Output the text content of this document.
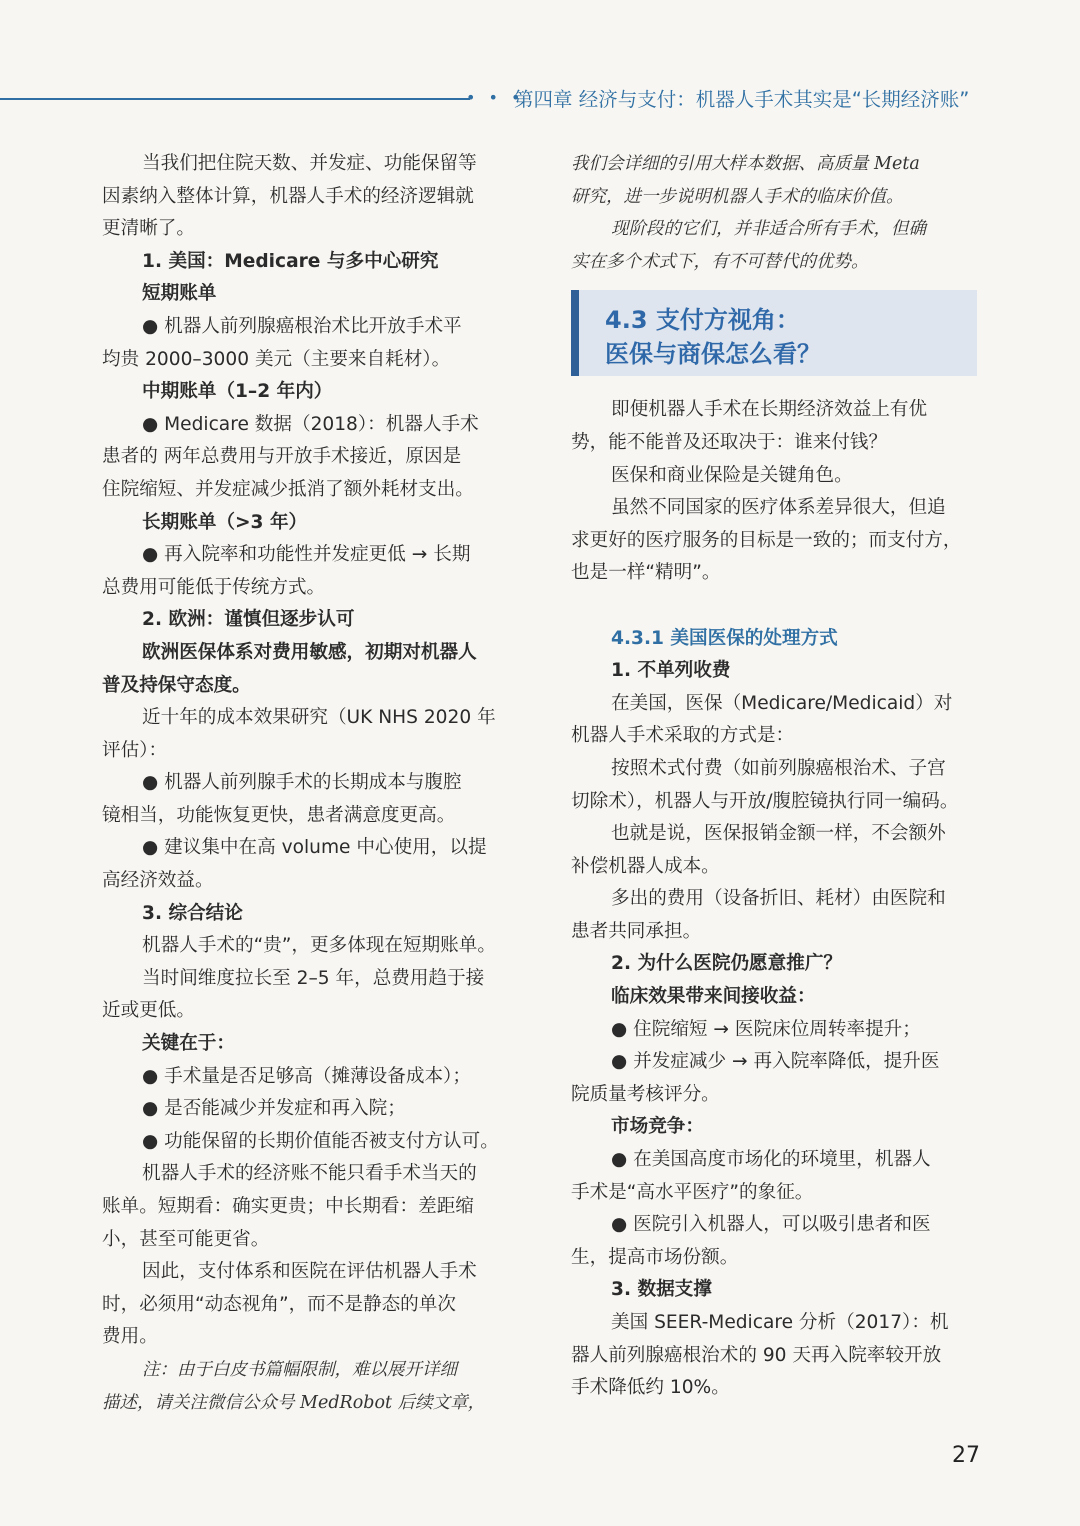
• • •
第四章 经济与支付：机器人手术其实是“长期经济账”
当我们把住院天数、并发症、功能保留等
因素纳入整体计算，机器人手术的经济逻辑就
更清晰了。
1. 美国：Medicare 与多中心研究
短期账单
● 机器人前列腺癌根治术比开放手术平
均贵 2000–3000 美元（主要来自耗材）。
中期账单（1–2 年内）
● Medicare 数据（2018）：机器人手术
患者的 两年总费用与开放手术接近，原因是
住院缩短、并发症减少抵消了额外耗材支出。
长期账单（>3 年）
● 再入院率和功能性并发症更低 → 长期
总费用可能低于传统方式。
2. 欧洲：谨慎但逐步认可
欧洲医保体系对费用敏感，初期对机器人
普及持保守态度。
近十年的成本效果研究（UK NHS 2020 年
评估）：
● 机器人前列腺手术的长期成本与腹腔
镜相当，功能恢复更快，患者满意度更高。
● 建议集中在高 volume 中心使用，以提
高经济效益。
3. 综合结论
机器人手术的“贵”，更多体现在短期账单。
当时间维度拉长至 2–5 年，总费用趋于接
近或更低。
关键在于：
● 手术量是否足够高（摊薄设备成本）；
● 是否能减少并发症和再入院；
● 功能保留的长期价值能否被支付方认可。
机器人手术的经济账不能只看手术当天的
账单。短期看：确实更贵；中长期看：差距缩
小，甚至可能更省。
因此，支付体系和医院在评估机器人手术
时，必须用“动态视角”，而不是静态的单次
费用。
注：由于白皮书篇幅限制，难以展开详细
描述，请关注微信公众号 MedRobot 后续文章，
我们会详细的引用大样本数据、高质量 Meta
研究，进一步说明机器人手术的临床价值。
现阶段的它们，并非适合所有手术，但确
实在多个术式下，有不可替代的优势。
4.3 支付方视角：
医保与商保怎么看？
即便机器人手术在长期经济效益上有优
势，能不能普及还取决于：谁来付钱？
医保和商业保险是关键角色。
虽然不同国家的医疗体系差异很大，但追
求更好的医疗服务的目标是一致的；而支付方，
也是一样“精明”。
4.3.1 美国医保的处理方式
1. 不单列收费
在美国，医保（Medicare/Medicaid）对
机器人手术采取的方式是：
按照术式付费（如前列腺癌根治术、子宫
切除术），机器人与开放/腹腔镜执行同一编码。
也就是说，医保报销金额一样，不会额外
补偿机器人成本。
多出的费用（设备折旧、耗材）由医院和
患者共同承担。
2. 为什么医院仍愿意推广？
临床效果带来间接收益：
● 住院缩短 → 医院床位周转率提升；
● 并发症减少 → 再入院率降低，提升医
院质量考核评分。
市场竞争：
● 在美国高度市场化的环境里，机器人
手术是“高水平医疗”的象征。
● 医院引入机器人，可以吸引患者和医
生，提高市场份额。
3. 数据支撑
美国 SEER-Medicare 分析（2017）：机
器人前列腺癌根治术的 90 天再入院率较开放
手术降低约 10%。
27
